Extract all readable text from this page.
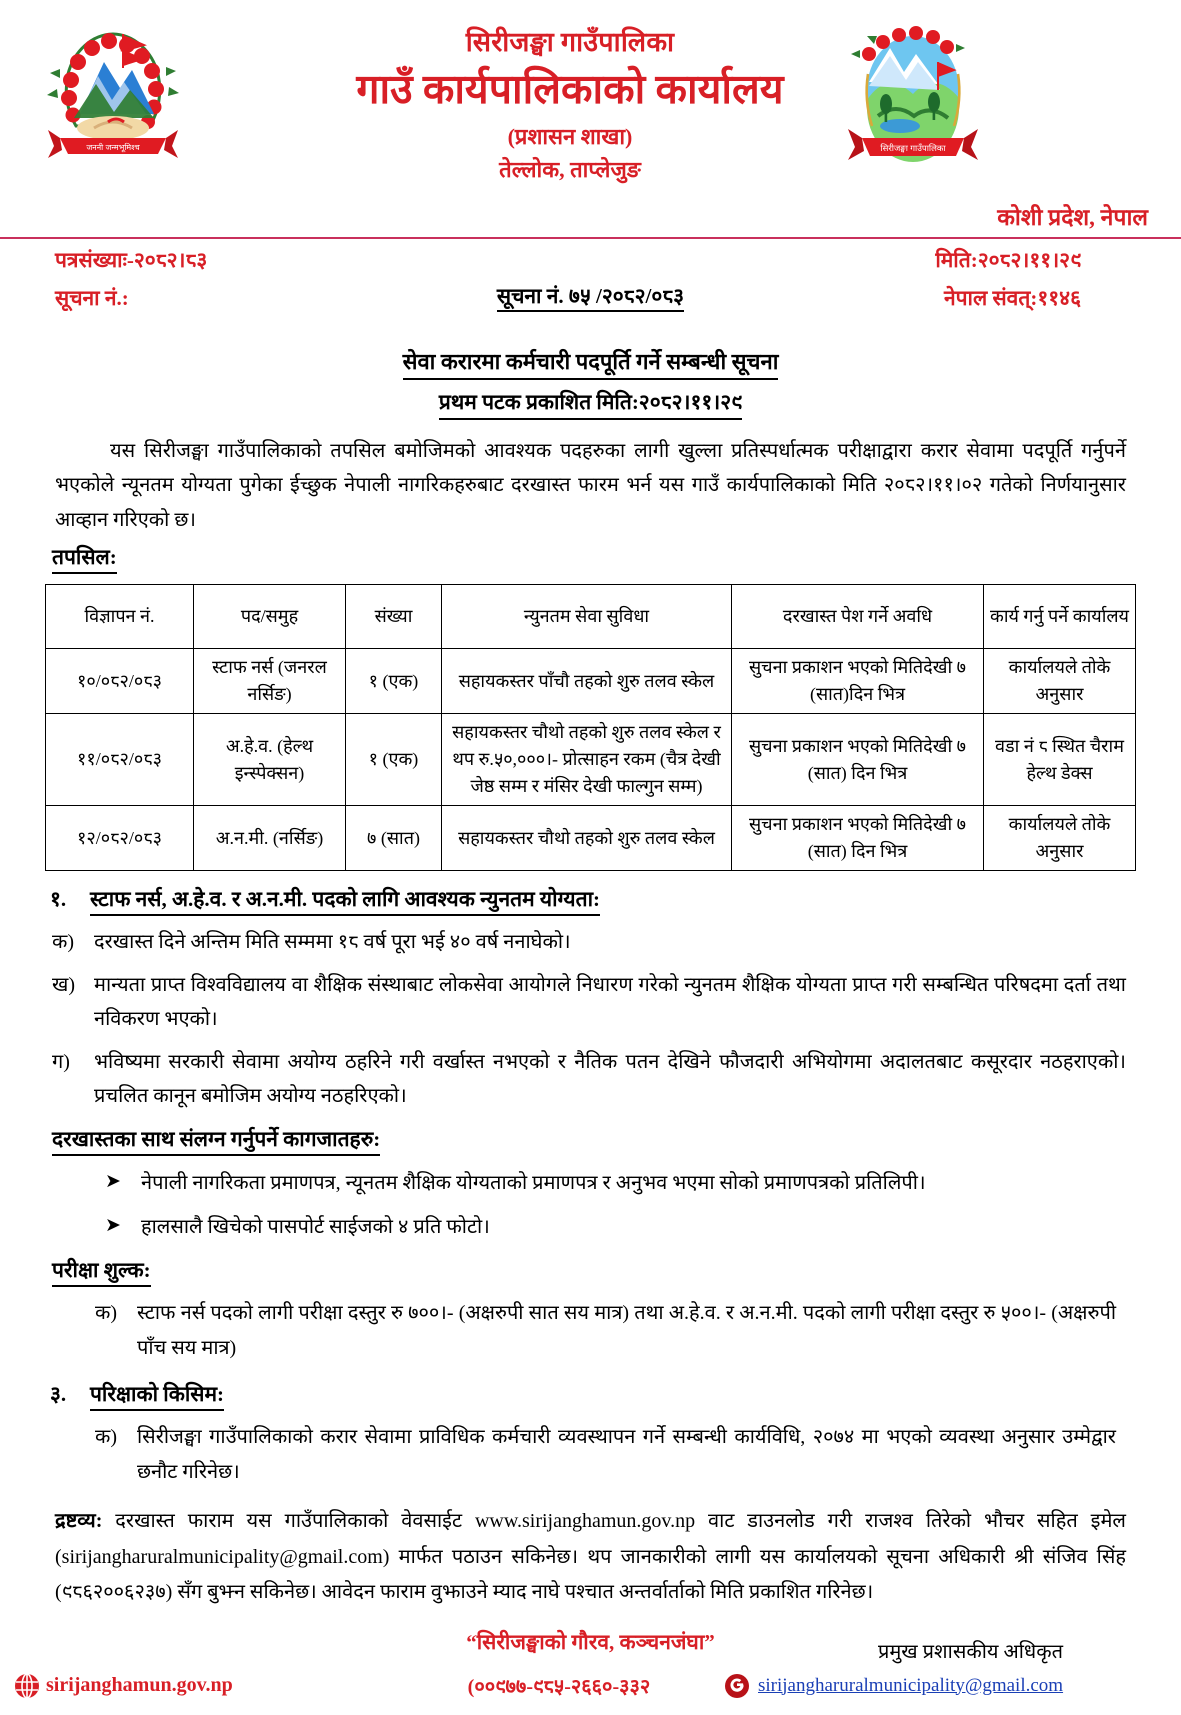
जननी जन्मभूमिश्च
सिरीजङ्घा गाउँपालिका
गाउँ कार्यपालिकाको कार्यालय
(प्रशासन शाखा)
तेल्लोक, ताप्लेजुङ
सिरीजङ्घा गाउँपालिका
कोशी प्रदेश, नेपाल
पत्रसंख्याः-२०८२।८३
सूचना नं.:
मिति:२०८२।११।२९
नेपाल संवत्:११४६
सूचना नं. ७५ /२०८२/०८३
सेवा करारमा कर्मचारी पदपूर्ति गर्ने सम्बन्धी सूचना
प्रथम पटक प्रकाशित मिति:२०८२।११।२९

यस सिरीजङ्घा गाउँपालिकाको तपसिल बमोजिमको आवश्यक पदहरुका लागी खुल्ला प्रतिस्पर्धात्मक परीक्षाद्वारा करार सेवामा पदपूर्ति गर्नुपर्ने भएकोले न्यूनतम योग्यता पुगेका ईच्छुक नेपाली नागरिकहरुबाट दरखास्त फारम भर्न यस गाउँ कार्यपालिकाको मिति २०८२।११।०२ गतेको निर्णयानुसार आव्हान गरिएको छ।

तपसिल:
विज्ञापन नं.	पद/समुह	संख्या	न्युनतम सेवा सुविधा	दरखास्त पेश गर्ने अवधि	कार्य गर्नु पर्ने कार्यालय
१०/०८२/०८३	स्टाफ नर्स (जनरल नर्सिङ)	१ (एक)	सहायकस्तर पाँचौ तहको शुरु तलव स्केल	सुचना प्रकाशन भएको मितिदेखी ७ (सात)दिन भित्र	कार्यालयले तोके अनुसार
११/०८२/०८३	अ.हे.व. (हेल्थ इन्स्पेक्सन)	१ (एक)	सहायकस्तर चौथो तहको शुरु तलव स्केल र थप रु.५०,०००।- प्रोत्साहन रकम (चैत्र देखी जेष्ठ सम्म र मंसिर देखी फाल्गुन सम्म)	सुचना प्रकाशन भएको मितिदेखी ७ (सात) दिन भित्र	वडा नं ८ स्थित चैराम हेल्थ डेक्स
१२/०८२/०८३	अ.न.मी. (नर्सिङ)	७ (सात)	सहायकस्तर चौथो तहको शुरु तलव स्केल	सुचना प्रकाशन भएको मितिदेखी ७ (सात) दिन भित्र	कार्यालयले तोके अनुसार
१.	स्टाफ नर्स, अ.हे.व. र अ.न.मी. पदको लागि आवश्यक न्युनतम योग्यता:
क) दरखास्त दिने अन्तिम मिति सम्ममा १८ वर्ष पूरा भई ४० वर्ष ननाघेको।
ख) मान्यता प्राप्त विश्वविद्यालय वा शैक्षिक संस्थाबाट लोकसेवा आयोगले निधारण गरेको न्युनतम शैक्षिक योग्यता प्राप्त गरी सम्बन्धित परिषदमा दर्ता तथा नविकरण भएको।
ग)	भविष्यमा सरकारी सेवामा अयोग्य ठहरिने गरी वर्खास्त नभएको र नैतिक पतन देखिने फौजदारी अभियोगमा अदालतबाट कसूरदार नठहराएको। प्रचलित कानून बमोजिम अयोग्य नठहरिएको।
दरखास्तका साथ संलग्न गर्नुपर्ने कागजातहरु:
➤	नेपाली नागरिकता प्रमाणपत्र, न्यूनतम शैक्षिक योग्यताको प्रमाणपत्र र अनुभव भएमा सोको प्रमाणपत्रको प्रतिलिपी।
➤	हालसालै खिचेको पासपोर्ट साईजको ४ प्रति फोटो।
परीक्षा शुल्क:
क) स्टाफ नर्स पदको लागी परीक्षा दस्तुर रु ७००।- (अक्षरुपी सात सय मात्र) तथा अ.हे.व. र अ.न.मी. पदको लागी परीक्षा दस्तुर रु ५००।- (अक्षरुपी पाँच सय मात्र)
३.	परिक्षाको किसिम:
क) सिरीजङ्घा गाउँपालिकाको करार सेवामा प्राविधिक कर्मचारी व्यवस्थापन गर्ने सम्बन्धी कार्यविधि, २०७४ मा भएको व्यवस्था अनुसार उम्मेद्वार छनौट गरिनेछ।

द्रष्टव्य: दरखास्त फाराम यस गाउँपालिकाको वेवसाईट www.sirijanghamun.gov.np वाट डाउनलोड गरी राजश्व तिरेको भौचर सहित इमेल (sirijangharuralmunicipality@gmail.com) मार्फत पठाउन सकिनेछ। थप जानकारीको लागी यस कार्यालयको सूचना अधिकारी श्री संजिव सिंह (९८६२००६२३७) सँग बुझ्न सकिनेछ। आवेदन फाराम वुझाउने म्याद नाघे पश्चात अन्तर्वार्ताको मिति प्रकाशित गरिनेछ।

प्रमुख प्रशासकीय अधिकृत
“सिरीजङ्घाको गौरव, कञ्चनजंघा”
sirijanghamun.gov.np	(००९७७-९८५-२६६०-३३२	sirijangharuralmunicipality@gmail.com
